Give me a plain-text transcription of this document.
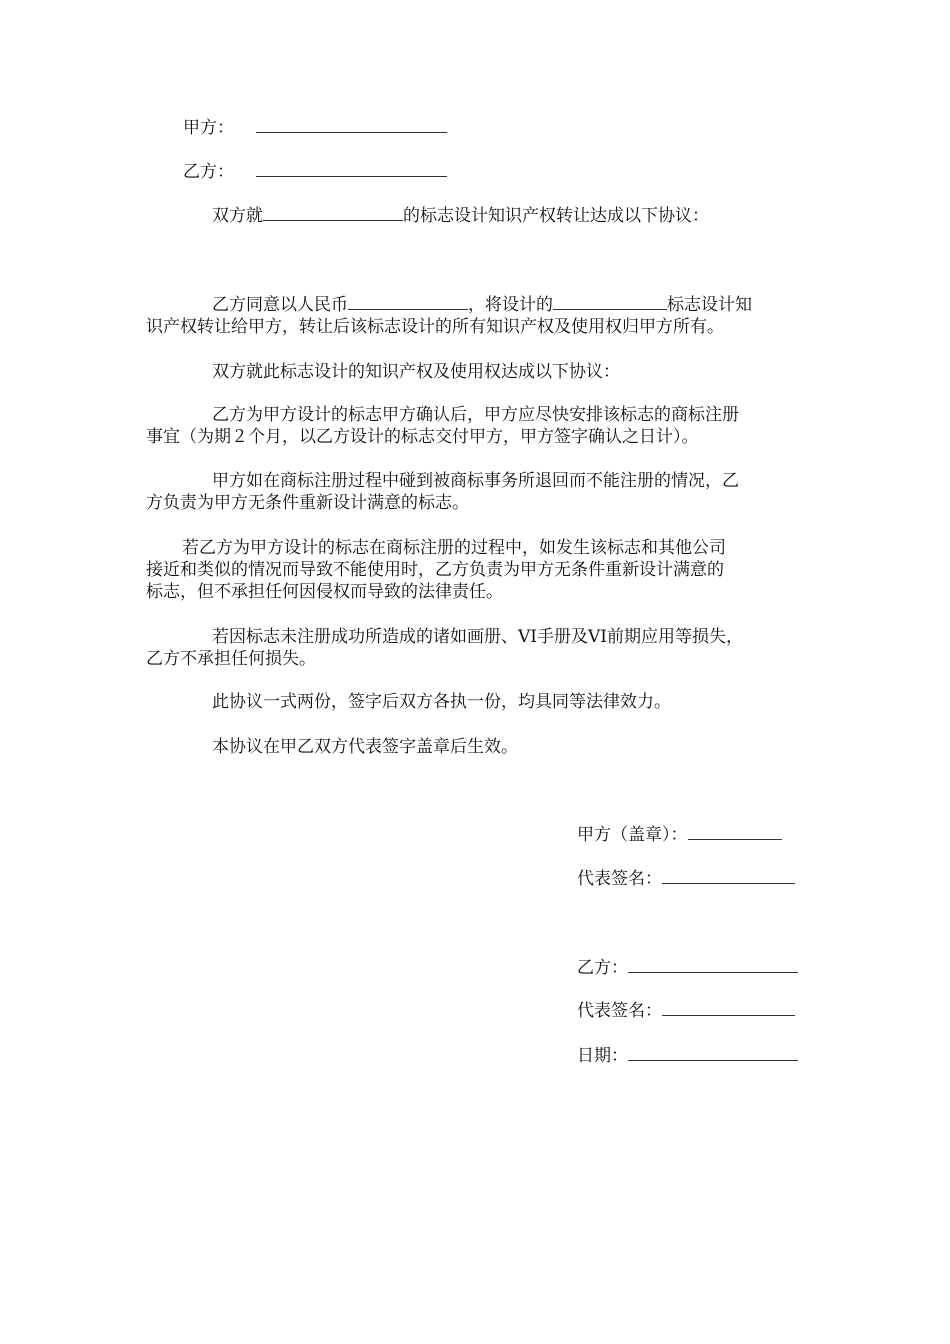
甲方：

乙方：

双方就	的标志设计知识产权转让达成以下协议：

乙方同意以人民币	，将设计的	标志设计知
识产权转让给甲方，转让后该标志设计的所有知识产权及使用权归甲方所有。

双方就此标志设计的知识产权及使用权达成以下协议：

乙方为甲方设计的标志甲方确认后，甲方应尽快安排该标志的商标注册
事宜（为期２个月，以乙方设计的标志交付甲方，甲方签字确认之日计）。
甲方如在商标注册过程中碰到被商标事务所退回而不能注册的情况，乙
方负责为甲方无条件重新设计满意的标志。
若乙方为甲方设计的标志在商标注册的过程中，如发生该标志和其他公司
接近和类似的情况而导致不能使用时，乙方负责为甲方无条件重新设计满意的
标志，但不承担任何因侵权而导致的法律责任。
若因标志未注册成功所造成的诸如画册、VI手册及VI前期应用等损失，
乙方不承担任何损失。

此协议一式两份，签字后双方各执一份，均具同等法律效力。

本协议在甲乙双方代表签字盖章后生效。

甲方（盖章）：

代表签名：

乙方：

代表签名：

日期：
